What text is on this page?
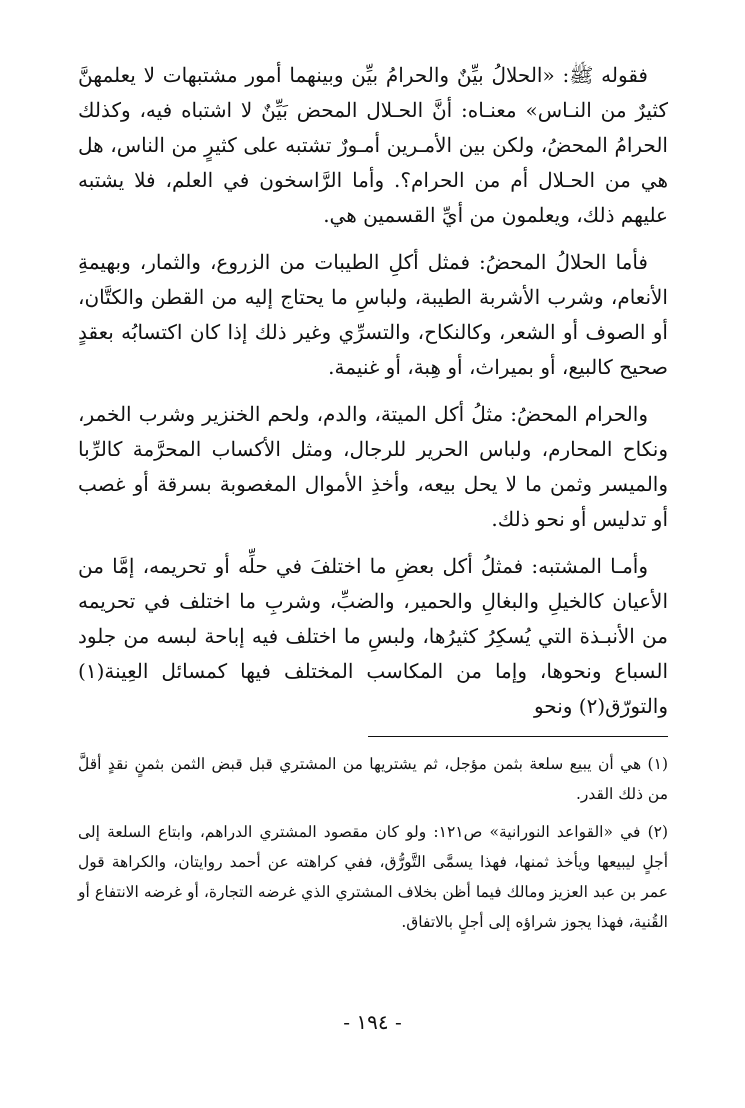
فقوله ﷺ: «الحلالُ بيِّنٌ والحرامُ بيِّن وبينهما أمور مشتبهات لا يعلمهنَّ كثيرٌ من النـاس» معنـاه: أنَّ الحـلال المحض بَيِّنٌ لا اشتباه فيه، وكذلك الحرامُ المحضُ، ولكن بين الأمـرين أمـورٌ تشتبه على كثيرٍ من الناس، هل هي من الحـلال أم من الحرام؟. وأما الرَّاسخون في العلم، فلا يشتبه عليهم ذلك، ويعلمون من أيِّ القسمين هي.

فأما الحلالُ المحضُ: فمثل أكلِ الطيبات من الزروع، والثمار، وبهيمةِ الأنعام، وشرب الأشربة الطيبة، ولباسِ ما يحتاج إليه من القطن والكتَّان، أو الصوف أو الشعر، وكالنكاح، والتسرِّي وغير ذلك إذا كان اكتسابُه بعقدٍ صحيح كالبيع، أو بميراث، أو هِبة، أو غنيمة.

والحرام المحضُ: مثلُ أكل الميتة، والدم، ولحم الخنزير وشرب الخمر، ونكاح المحارم، ولباس الحرير للرجال، ومثل الأكساب المحرَّمة كالرِّبا والميسر وثمن ما لا يحل بيعه، وأخذِ الأموال المغصوبة بسرقة أو غصب أو تدليس أو نحو ذلك.

وأمـا المشتبه: فمثلُ أكل بعضِ ما اختلفَ في حلِّه أو تحريمه، إمَّا من الأعيان كالخيلِ والبغالِ والحمير، والضبِّ، وشربِ ما اختلف في تحريمه من الأنبـذة التي يُسكِرُ كثيرُها، ولبسِ ما اختلف فيه إباحة لبسه من جلود السباع ونحوها، وإما من المكاسب المختلف فيها كمسائل العِينة(١) والتورّق(٢) ونحو

(١) هي أن يبيع سلعة بثمن مؤجل، ثم يشتريها من المشتري قبل قبض الثمن بثمنٍ نقدٍ أقلَّ من ذلك القدر.

(٢) في «القواعد النورانية» ص١٢١: ولو كان مقصود المشتري الدراهم، وابتاع السلعة إلى أجلٍ ليبيعها ويأخذ ثمنها، فهذا يسمَّى التَّورُّق، ففي كراهته عن أحمد روايتان، والكراهة قول عمر بن عبد العزيز ومالك فيما أظن بخلاف المشتري الذي غرضه التجارة، أو غرضه الانتفاع أو القُنية، فهذا يجوز شراؤه إلى أجلٍ بالاتفاق.

- ١٩٤ -
